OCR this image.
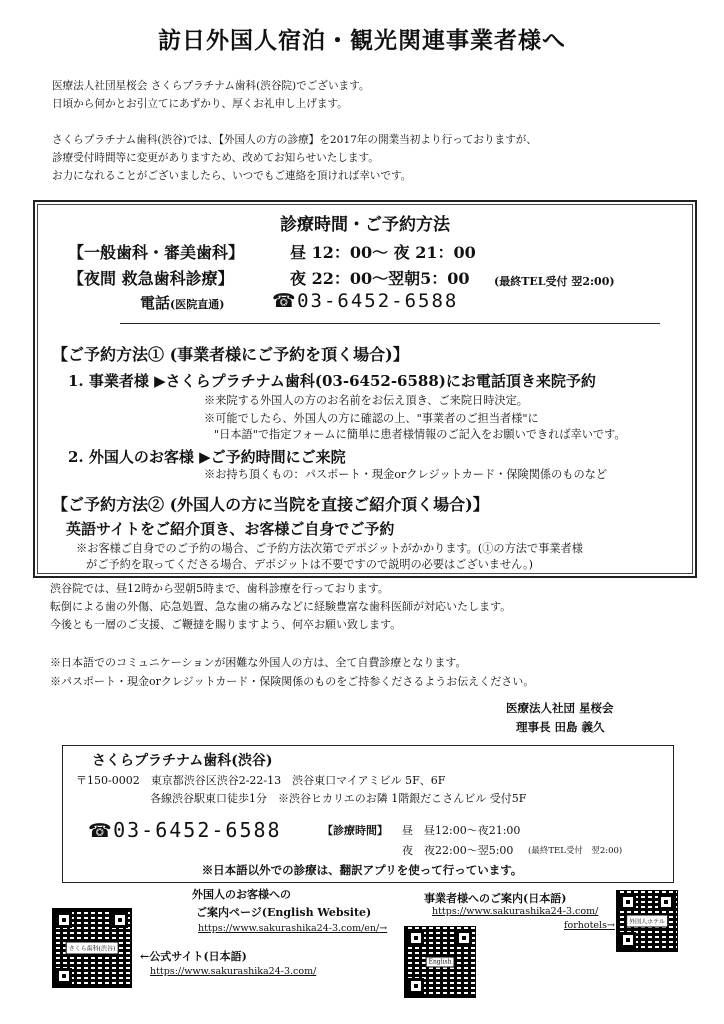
訪日外国人宿泊・観光関連事業者様へ
医療法人社団星桜会 さくらプラチナム歯科(渋谷院)でございます。
日頃から何かとお引立てにあずかり、厚くお礼申し上げます。
さくらプラチナム歯科(渋谷)では、【外国人の方の診療】を2017年の開業当初より行っておりますが、
診療受付時間等に変更がありますため、改めてお知らせいたします。
お力になれることがございましたら、いつでもご連絡を頂ければ幸いです。
診療時間・ご予約方法
【一般歯科・審美歯科】	昼 12：00〜 夜 21：00
【夜間 救急歯科診療】	夜 22：00〜翌朝5：00 (最終TEL受付 翌2:00)
電話(医院直通)	☎ 03-6452-6588
【ご予約方法① (事業者様にご予約を頂く場合)】
1. 事業者様 ▶さくらプラチナム歯科(03-6452-6588)にお電話頂き来院予約
※来院する外国人の方のお名前をお伝え頂き、ご来院日時決定。
※可能でしたら、外国人の方に確認の上、"事業者のご担当者様"に
"日本語"で指定フォームに簡単に患者様情報のご記入をお願いできれば幸いです。
2. 外国人のお客様 ▶ご予約時間にご来院
※お持ち頂くもの：パスポート・現金orクレジットカード・保険関係のものなど
【ご予約方法② (外国人の方に当院を直接ご紹介頂く場合)】
英語サイトをご紹介頂き、お客様ご自身でご予約
※お客様ご自身でのご予約の場合、ご予約方法次第でデポジットがかかります。(①の方法で事業者様
がご予約を取ってくださる場合、デポジットは不要ですので説明の必要はございません。)
渋谷院では、昼12時から翌朝5時まで、歯科診療を行っております。
転倒による歯の外傷、応急処置、急な歯の痛みなどに経験豊富な歯科医師が対応いたします。
今後とも一層のご支援、ご鞭撻を賜りますよう、何卒お願い致します。
※日本語でのコミュニケーションが困難な外国人の方は、全て自費診療となります。
※パスポート・現金orクレジットカード・保険関係のものをご持参くださるようお伝えください。
医療法人社団 星桜会
理事長 田島 義久
さくらプラチナム歯科(渋谷)
〒150-0002　東京都渋谷区渋谷2-22-13　渋谷東口マイアミビル 5F、6F
各線渋谷駅東口徒歩1分　※渋谷ヒカリエのお隣 1階銀だこさんビル 受付5F
☎ 03-6452-6588	【診療時間】 昼　昼12:00〜夜21:00
夜　夜22:00〜翌5:00 (最終TEL受付　翌2:00)
※日本語以外での診療は、翻訳アプリを使って行っています。
外国人のお客様への
ご案内ページ(English Website)
https://www.sakurashika24-3.com/en/→
事業者様へのご案内(日本語)
https://www.sakurashika24-3.com/
forhotels→
←公式サイト(日本語)
https://www.sakurashika24-3.com/
さくら歯科(渋谷)
English
外国人ホテル
